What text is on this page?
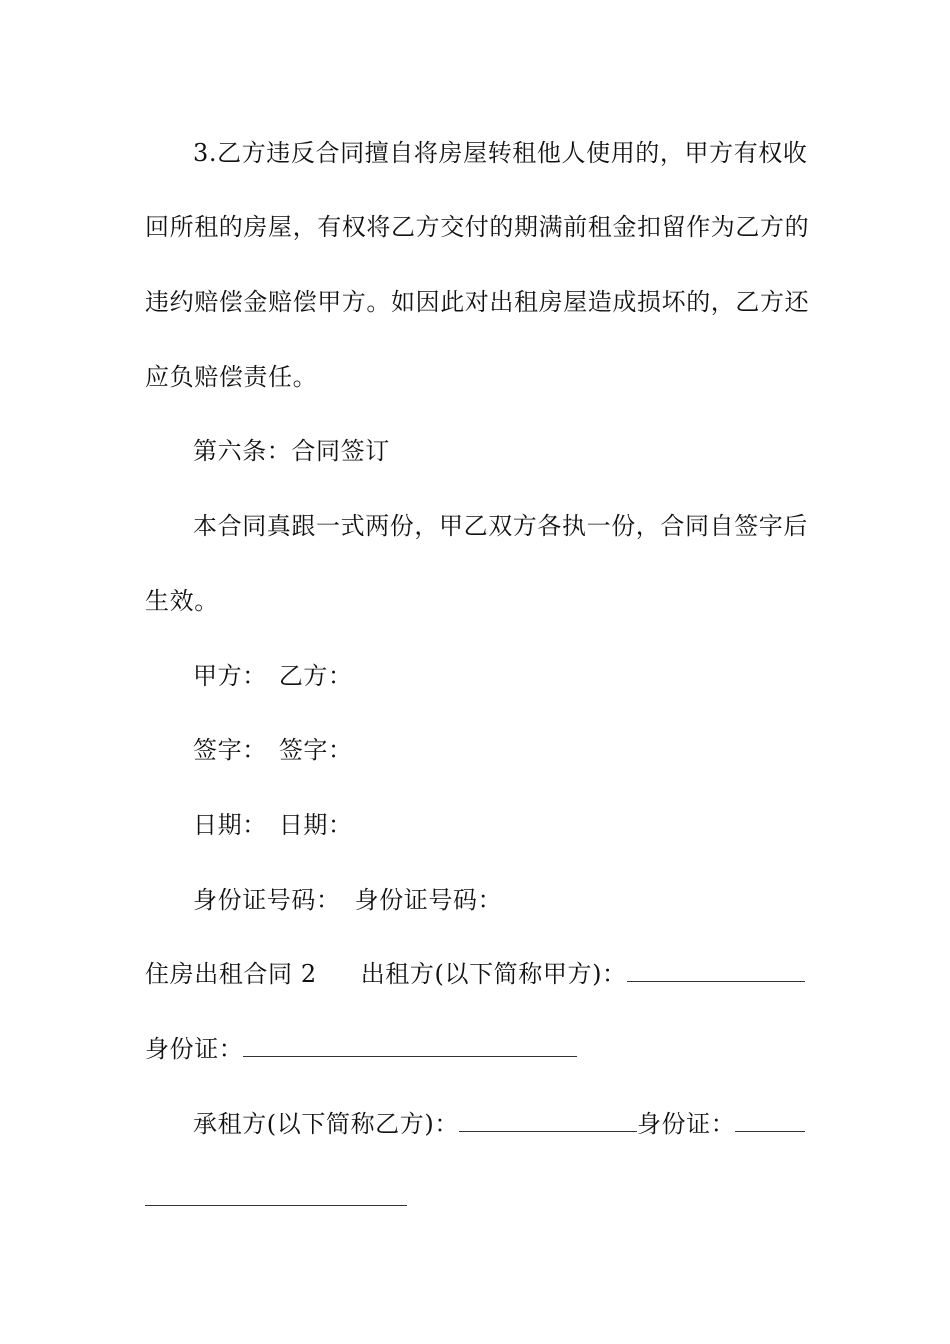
3.乙方违反合同擅自将房屋转租他人使用的，甲方有权收
回所租的房屋，有权将乙方交付的期满前租金扣留作为乙方的
违约赔偿金赔偿甲方。如因此对出租房屋造成损坏的，乙方还
应负赔偿责任。
第六条：合同签订
本合同真跟一式两份，甲乙双方各执一份，合同自签字后
生效。
甲方： 乙方：
签字： 签字：
日期： 日期：
身份证号码： 身份证号码：
住房出租合同 2 出租方(以下简称甲方)：
身份证：
承租方(以下简称乙方)：	身份证：
